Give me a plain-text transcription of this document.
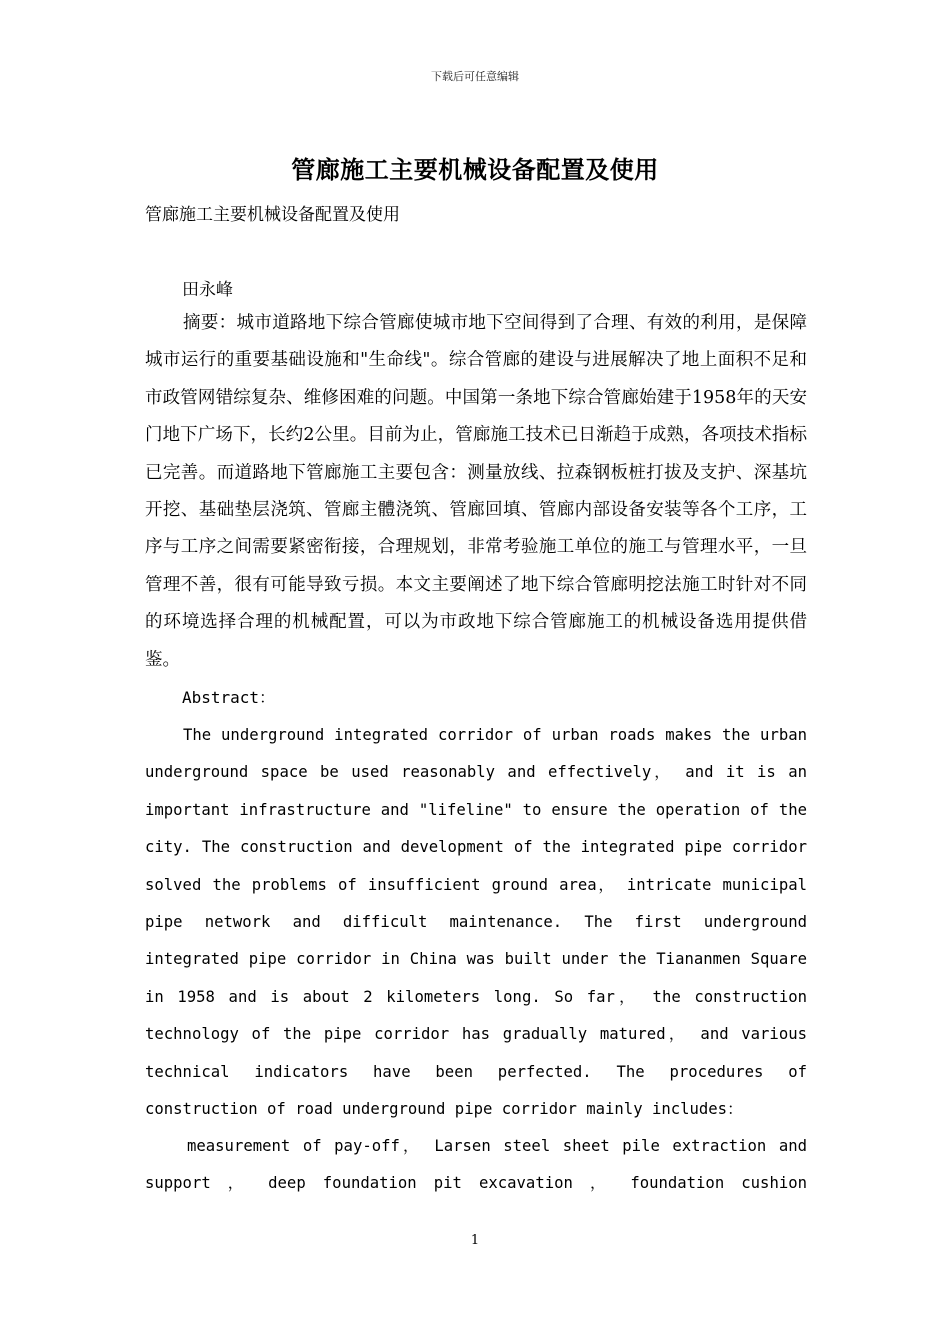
下载后可任意编辑
管廊施工主要机械设备配置及使用
管廊施工主要机械设备配置及使用
田永峰

摘要：城市道路地下综合管廊使城市地下空间得到了合理、有效的利用，是保障城市运行的重要基础设施和"生命线"。综合管廊的建设与进展解决了地上面积不足和市政管网错综复杂、维修困难的问题。中国第一条地下综合管廊始建于1958年的天安门地下广场下，长约2公里。目前为止，管廊施工技术已日渐趋于成熟，各项技术指标已完善。而道路地下管廊施工主要包含：测量放线、拉森钢板桩打拔及支护、深基坑开挖、基础垫层浇筑、管廊主體浇筑、管廊回填、管廊内部设备安装等各个工序，工序与工序之间需要紧密衔接，合理规划，非常考验施工单位的施工与管理水平，一旦管理不善，很有可能导致亏损。本文主要阐述了地下综合管廊明挖法施工时针对不同的环境选择合理的机械配置，可以为市政地下综合管廊施工的机械设备选用提供借鉴。

Abstract：

The underground integrated corridor of urban roads makes the urban underground space be used reasonably and effectively， and it is an important infrastructure and "lifeline" to ensure the operation of the city. The construction and development of the integrated pipe corridor solved the problems of insufficient ground area， intricate municipal pipe network and difficult maintenance. The first underground integrated pipe corridor in China was built under the Tiananmen Square in 1958 and is about 2 kilometers long. So far， the construction technology of the pipe corridor has gradually matured， and various technical indicators have been perfected. The procedures of construction of road underground pipe corridor mainly includes：

measurement of pay-off， Larsen steel sheet pile extraction and support ， deep foundation pit excavation ， foundation cushion

1
